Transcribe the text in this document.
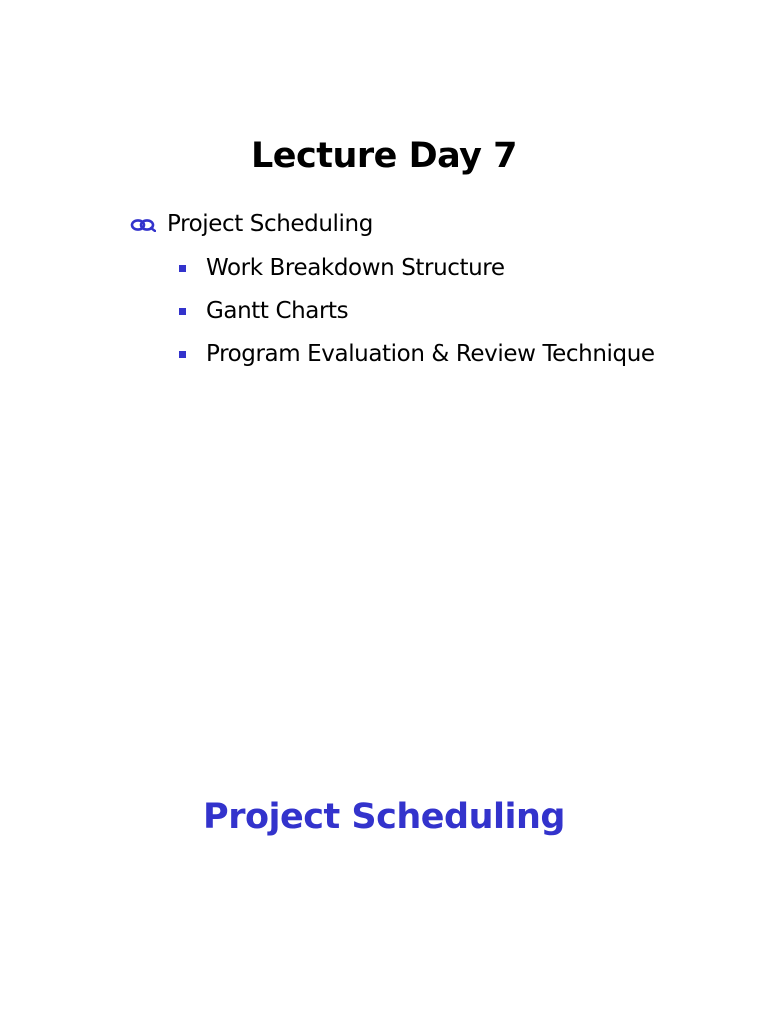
Lecture Day 7
Project Scheduling
Work Breakdown Structure
Gantt Charts
Program Evaluation & Review Technique
Project Scheduling
